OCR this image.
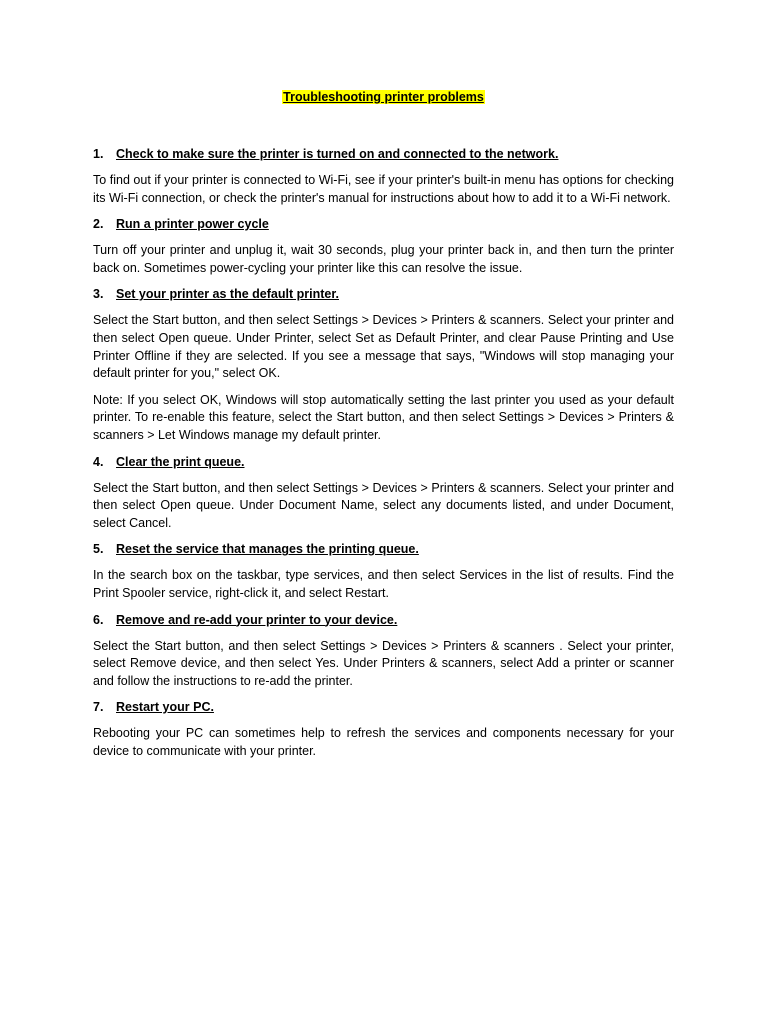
Troubleshooting printer problems
1.	Check to make sure the printer is turned on and connected to the network.

To find out if your printer is connected to Wi-Fi, see if your printer's built-in menu has options for checking its Wi-Fi connection, or check the printer's manual for instructions about how to add it to a Wi-Fi network.

2.	Run a printer power cycle

Turn off your printer and unplug it, wait 30 seconds, plug your printer back in, and then turn the printer back on. Sometimes power-cycling your printer like this can resolve the issue.

3.	Set your printer as the default printer.

Select the Start button, and then select Settings > Devices > Printers & scanners. Select your printer and then select Open queue. Under Printer, select Set as Default Printer, and clear Pause Printing and Use Printer Offline if they are selected. If you see a message that says, "Windows will stop managing your default printer for you," select OK.

Note: If you select OK, Windows will stop automatically setting the last printer you used as your default printer. To re-enable this feature, select the Start button, and then select Settings > Devices > Printers & scanners > Let Windows manage my default printer.

4.	Clear the print queue.

Select the Start button, and then select Settings > Devices > Printers & scanners. Select your printer and then select Open queue. Under Document Name, select any documents listed, and under Document, select Cancel.

5.	Reset the service that manages the printing queue.

In the search box on the taskbar, type services, and then select Services in the list of results. Find the Print Spooler service, right-click it, and select Restart.

6.	Remove and re-add your printer to your device.

Select the Start button, and then select Settings > Devices > Printers & scanners . Select your printer, select Remove device, and then select Yes. Under Printers & scanners, select Add a printer or scanner and follow the instructions to re-add the printer.

7.	Restart your PC.

Rebooting your PC can sometimes help to refresh the services and components necessary for your device to communicate with your printer.
